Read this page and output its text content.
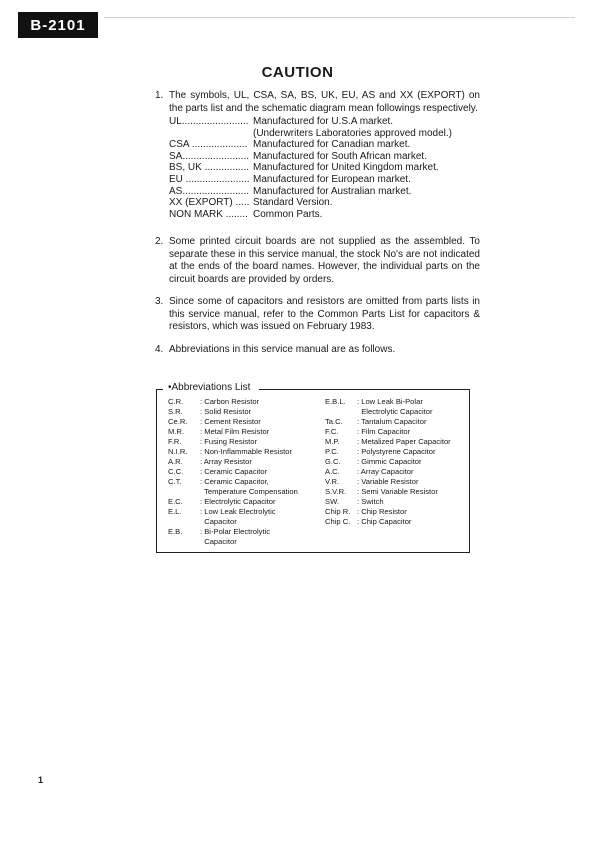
B-2101
CAUTION
1. The symbols, UL, CSA, SA, BS, UK, EU, AS and XX (EXPORT) on the parts list and the schematic diagram mean followings respectively.
UL........................ Manufactured for U.S.A market.
(Underwriters Laboratories approved model.)
CSA .................... Manufactured for Canadian market.
SA........................ Manufactured for South African market.
BS, UK ................ Manufactured for United Kingdom market.
EU ....................... Manufactured for European market.
AS........................ Manufactured for Australian market.
XX (EXPORT) ..... Standard Version.
NON MARK ........ Common Parts.
2. Some printed circuit boards are not supplied as the assembled. To separate these in this service manual, the stock No's are not indicated at the ends of the board names. However, the individual parts on the circuit boards are provided by orders.
3. Since some of capacitors and resistors are omitted from parts lists in this service manual, refer to the Common Parts List for capacitors & resistors, which was issued on February 1983.
4. Abbreviations in this service manual are as follows.
•Abbreviations List
C.R.	: Carbon Resistor
S.R.	: Solid Resistor
Ce.R.	: Cement Resistor
M.R.	: Metal Film Resistor
F.R.	: Fusing Resistor
N.I.R.	: Non-Inflammable Resistor
A.R.	: Array Resistor
C.C.	: Ceramic Capacitor
C.T.	: Ceramic Capacitor,
Temperature Compensation
E.C.	: Electrolytic Capacitor
E.L.	: Low Leak Electrolytic
Capacitor
E.B.	: Bi-Polar Electrolytic
Capacitor
E.B.L.	: Low Leak Bi-Polar
Electrolytic Capacitor
Ta.C.	: Tantalum Capacitor
F.C.	: Film Capacitor
M.P.	: Metalized Paper Capacitor
P.C.	: Polystyrene Capacitor
G.C.	: Gimmic Capacitor
A.C.	: Array Capacitor
V.R.	: Variable Resistor
S.V.R.	: Semi Variable Resistor
SW.	: Switch
Chip R. : Chip Resistor
Chip C. : Chip Capacitor
1
